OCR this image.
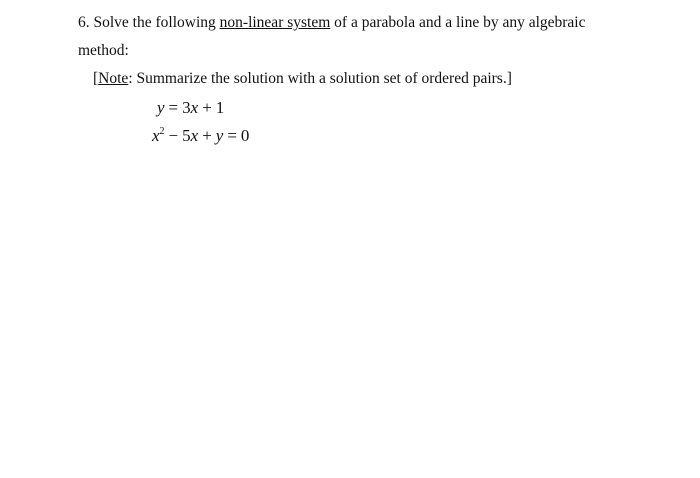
6. Solve the following non-linear system of a parabola and a line by any algebraic
method:
[Note: Summarize the solution with a solution set of ordered pairs.]
y = 3x + 1
$x^2 - 5x + y = 0$
